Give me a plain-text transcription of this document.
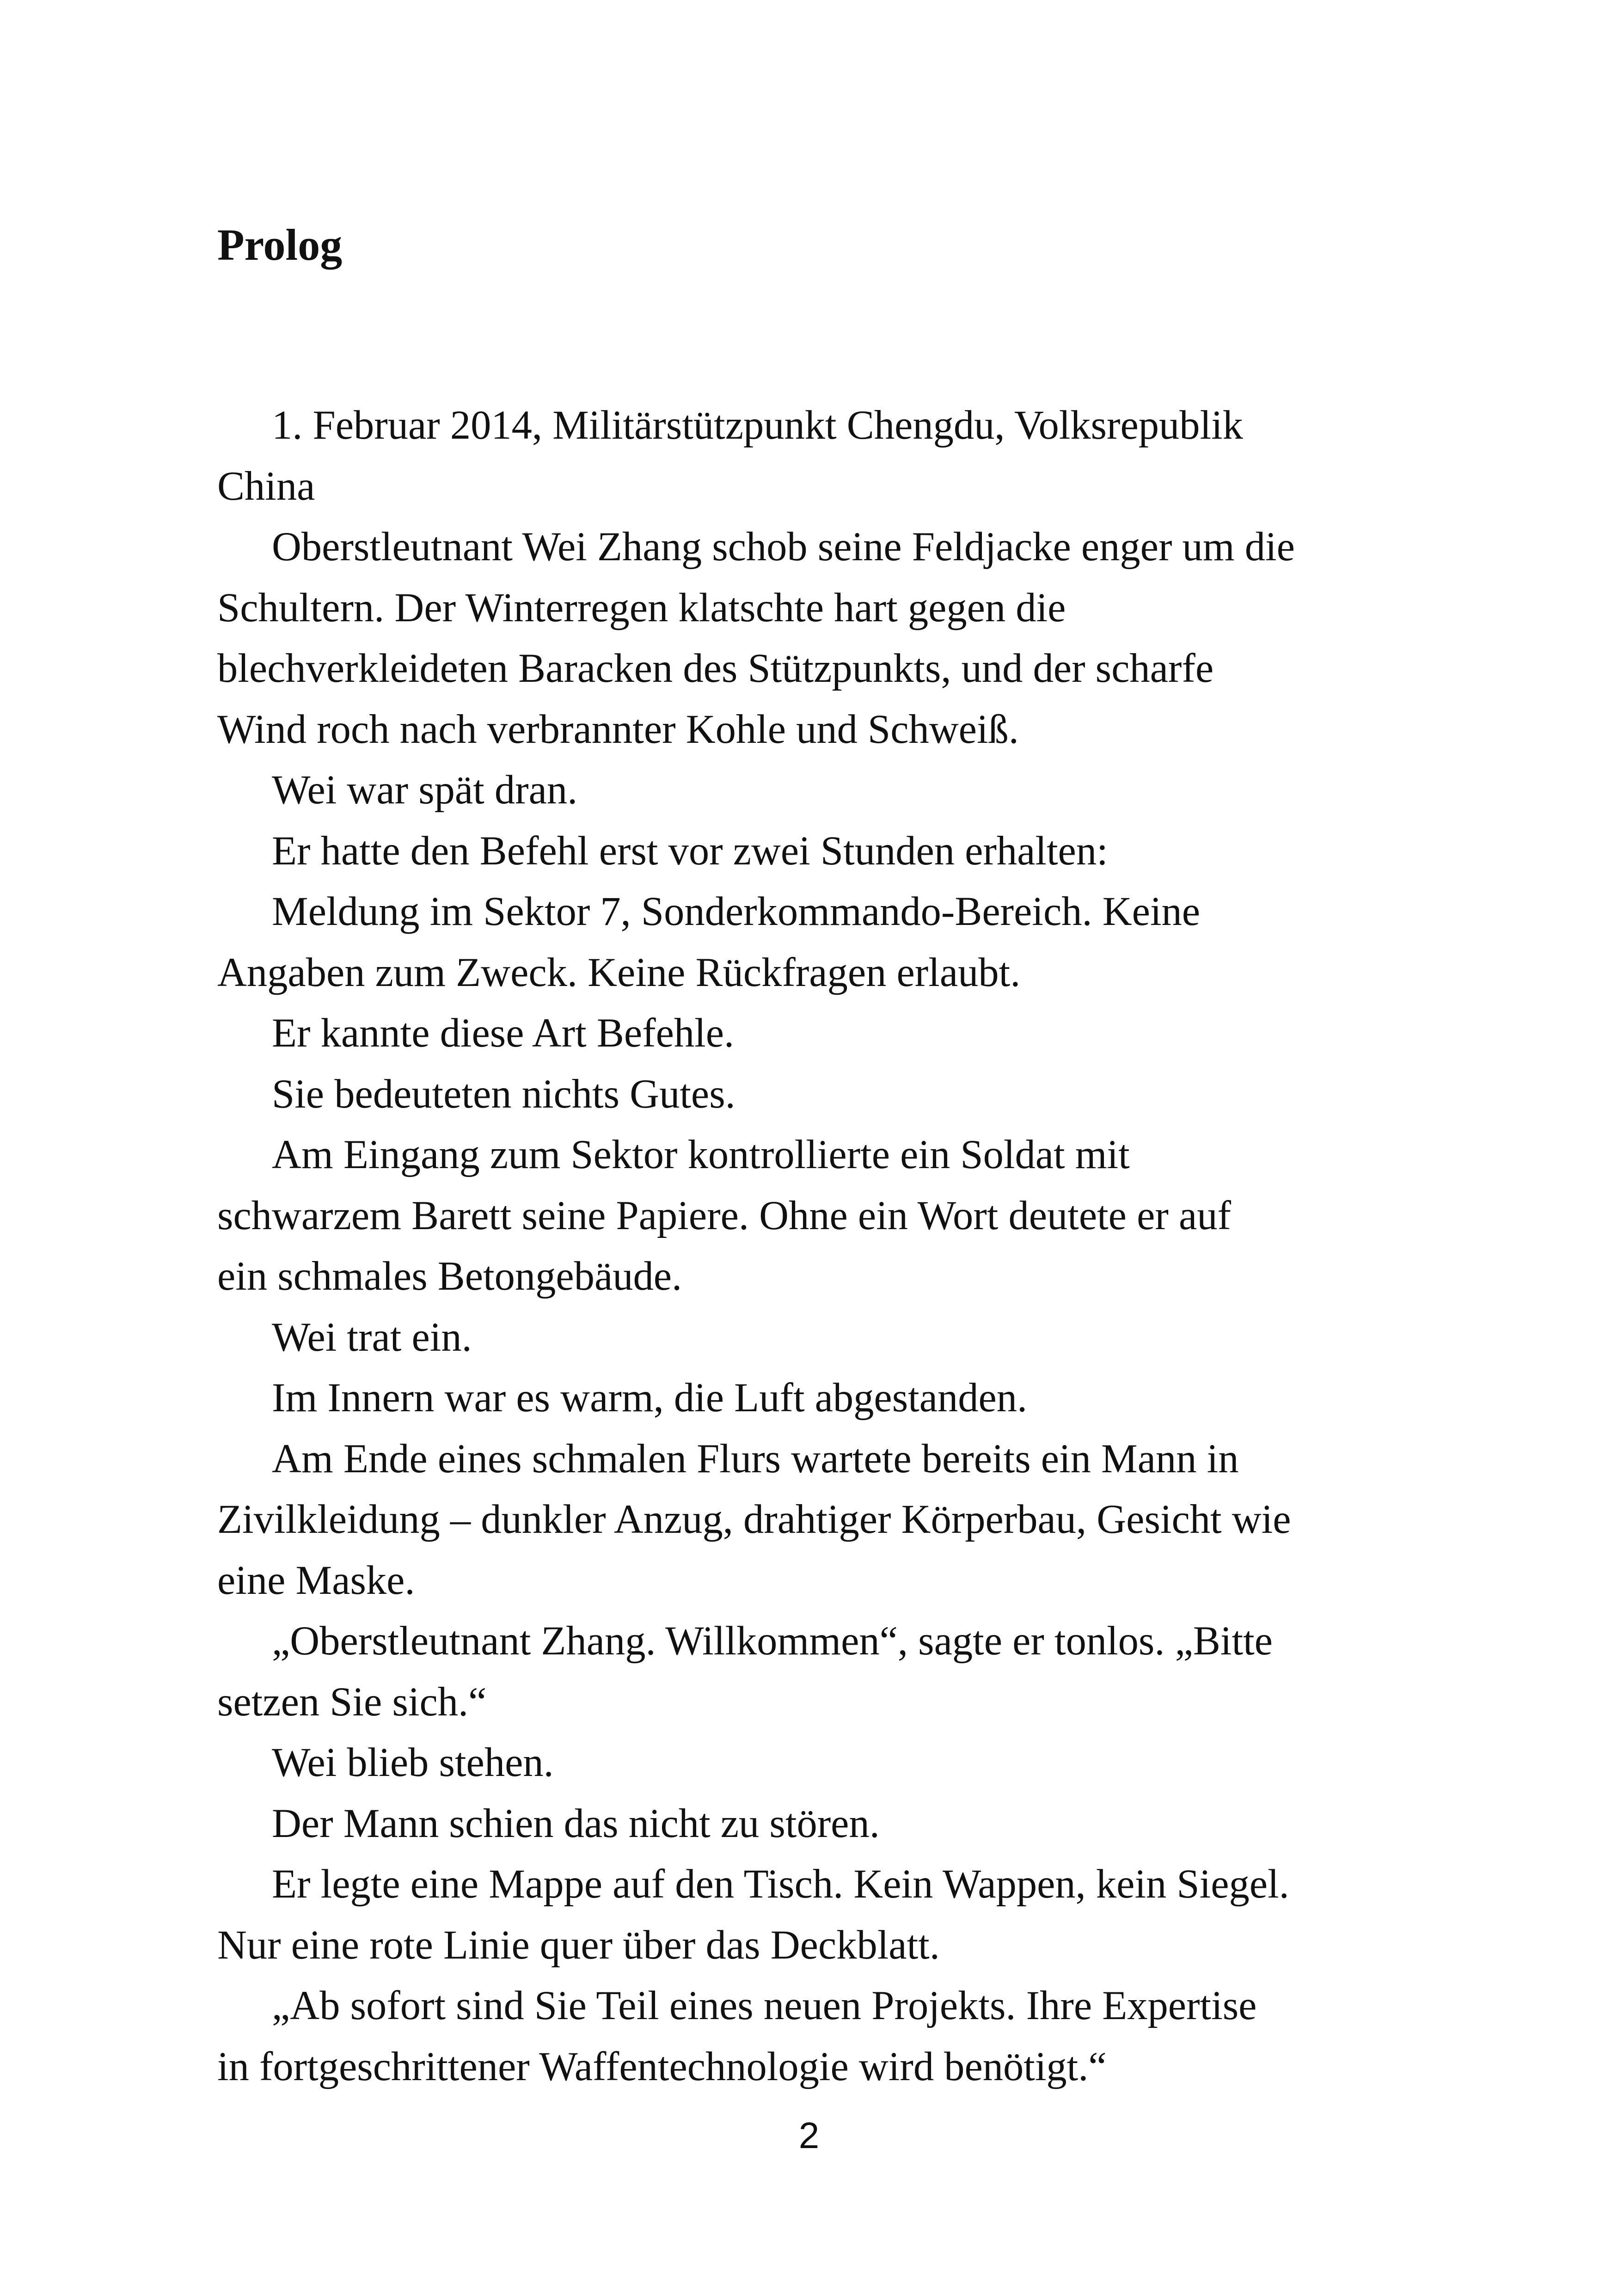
Prolog

1. Februar 2014, Militärstützpunkt Chengdu, Volksrepublik
China

Oberstleutnant Wei Zhang schob seine Feldjacke enger um die
Schultern. Der Winterregen klatschte hart gegen die
blechverkleideten Baracken des Stützpunkts, und der scharfe
Wind roch nach verbrannter Kohle und Schweiß.

Wei war spät dran.

Er hatte den Befehl erst vor zwei Stunden erhalten:

Meldung im Sektor 7, Sonderkommando-Bereich. Keine
Angaben zum Zweck. Keine Rückfragen erlaubt.

Er kannte diese Art Befehle.

Sie bedeuteten nichts Gutes.

Am Eingang zum Sektor kontrollierte ein Soldat mit
schwarzem Barett seine Papiere. Ohne ein Wort deutete er auf
ein schmales Betongebäude.

Wei trat ein.

Im Innern war es warm, die Luft abgestanden.

Am Ende eines schmalen Flurs wartete bereits ein Mann in
Zivilkleidung – dunkler Anzug, drahtiger Körperbau, Gesicht wie
eine Maske.

„Oberstleutnant Zhang. Willkommen“, sagte er tonlos. „Bitte
setzen Sie sich.“

Wei blieb stehen.

Der Mann schien das nicht zu stören.

Er legte eine Mappe auf den Tisch. Kein Wappen, kein Siegel.
Nur eine rote Linie quer über das Deckblatt.

„Ab sofort sind Sie Teil eines neuen Projekts. Ihre Expertise
in fortgeschrittener Waffentechnologie wird benötigt.“

2
